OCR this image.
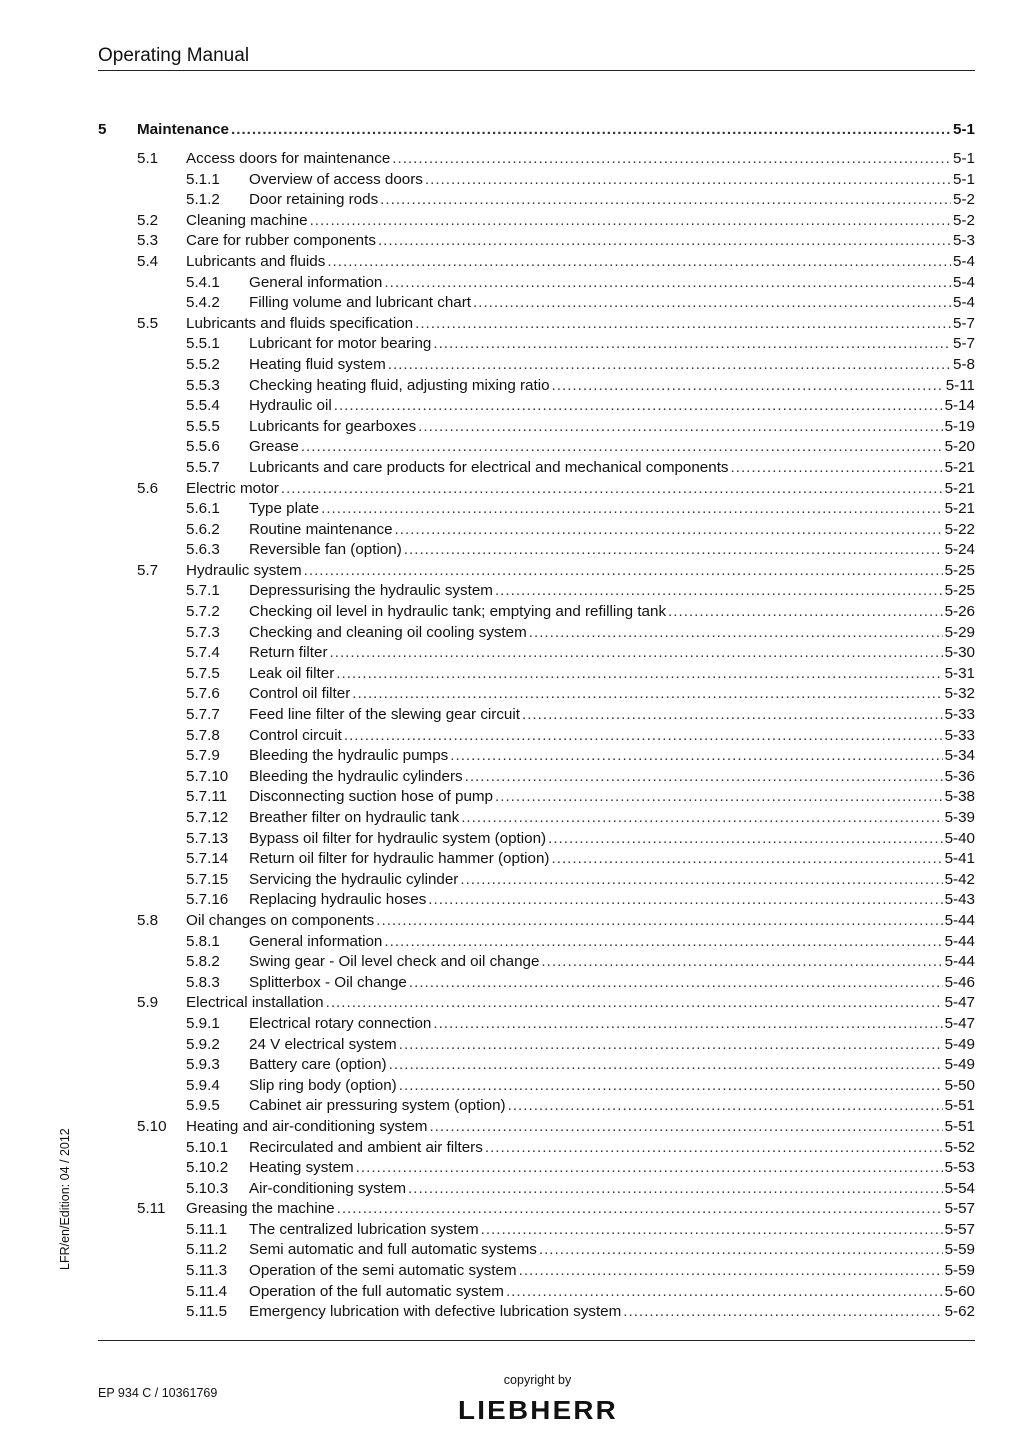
Operating Manual
5	Maintenance .....	5-1
5.1	Access doors for maintenance .....	5-1
5.1.1	Overview of access doors .....	5-1
5.1.2	Door retaining rods .....	5-2
5.2	Cleaning machine .....	5-2
5.3	Care for rubber components .....	5-3
5.4	Lubricants and fluids .....	5-4
5.4.1	General information .....	5-4
5.4.2	Filling volume and lubricant chart .....	5-4
5.5	Lubricants and fluids specification .....	5-7
5.5.1	Lubricant for motor bearing .....	5-7
5.5.2	Heating fluid system .....	5-8
5.5.3	Checking heating fluid, adjusting mixing ratio .....	5-11
5.5.4	Hydraulic oil .....	5-14
5.5.5	Lubricants for gearboxes .....	5-19
5.5.6	Grease .....	5-20
5.5.7	Lubricants and care products for electrical and mechanical components .....	5-21
5.6	Electric motor .....	5-21
5.6.1	Type plate .....	5-21
5.6.2	Routine maintenance .....	5-22
5.6.3	Reversible fan (option) .....	5-24
5.7	Hydraulic system .....	5-25
5.7.1	Depressurising the hydraulic system .....	5-25
5.7.2	Checking oil level in hydraulic tank; emptying and refilling tank .....	5-26
5.7.3	Checking and cleaning oil cooling system .....	5-29
5.7.4	Return filter .....	5-30
5.7.5	Leak oil filter .....	5-31
5.7.6	Control oil filter .....	5-32
5.7.7	Feed line filter of the slewing gear circuit .....	5-33
5.7.8	Control circuit .....	5-33
5.7.9	Bleeding the hydraulic pumps .....	5-34
5.7.10	Bleeding the hydraulic cylinders .....	5-36
5.7.11	Disconnecting suction hose of pump .....	5-38
5.7.12	Breather filter on hydraulic tank .....	5-39
5.7.13	Bypass oil filter for hydraulic system (option) .....	5-40
5.7.14	Return oil filter for hydraulic hammer (option) .....	5-41
5.7.15	Servicing the hydraulic cylinder .....	5-42
5.7.16	Replacing hydraulic hoses .....	5-43
5.8	Oil changes on components .....	5-44
5.8.1	General information .....	5-44
5.8.2	Swing gear - Oil level check and oil change .....	5-44
5.8.3	Splitterbox - Oil change .....	5-46
5.9	Electrical installation .....	5-47
5.9.1	Electrical rotary connection .....	5-47
5.9.2	24 V electrical system .....	5-49
5.9.3	Battery care (option) .....	5-49
5.9.4	Slip ring body (option) .....	5-50
5.9.5	Cabinet air pressuring system (option) .....	5-51
5.10	Heating and air-conditioning system .....	5-51
5.10.1	Recirculated and ambient air filters .....	5-52
5.10.2	Heating system .....	5-53
5.10.3	Air-conditioning system .....	5-54
5.11	Greasing the machine .....	5-57
5.11.1	The centralized lubrication system .....	5-57
5.11.2	Semi automatic and full automatic systems .....	5-59
5.11.3	Operation of the semi automatic system .....	5-59
5.11.4	Operation of the full automatic system .....	5-60
5.11.5	Emergency lubrication with defective lubrication system .....	5-62
LFR/en/Edition: 04 / 2012
EP 934 C / 10361769
copyright by
LIEBHERR
